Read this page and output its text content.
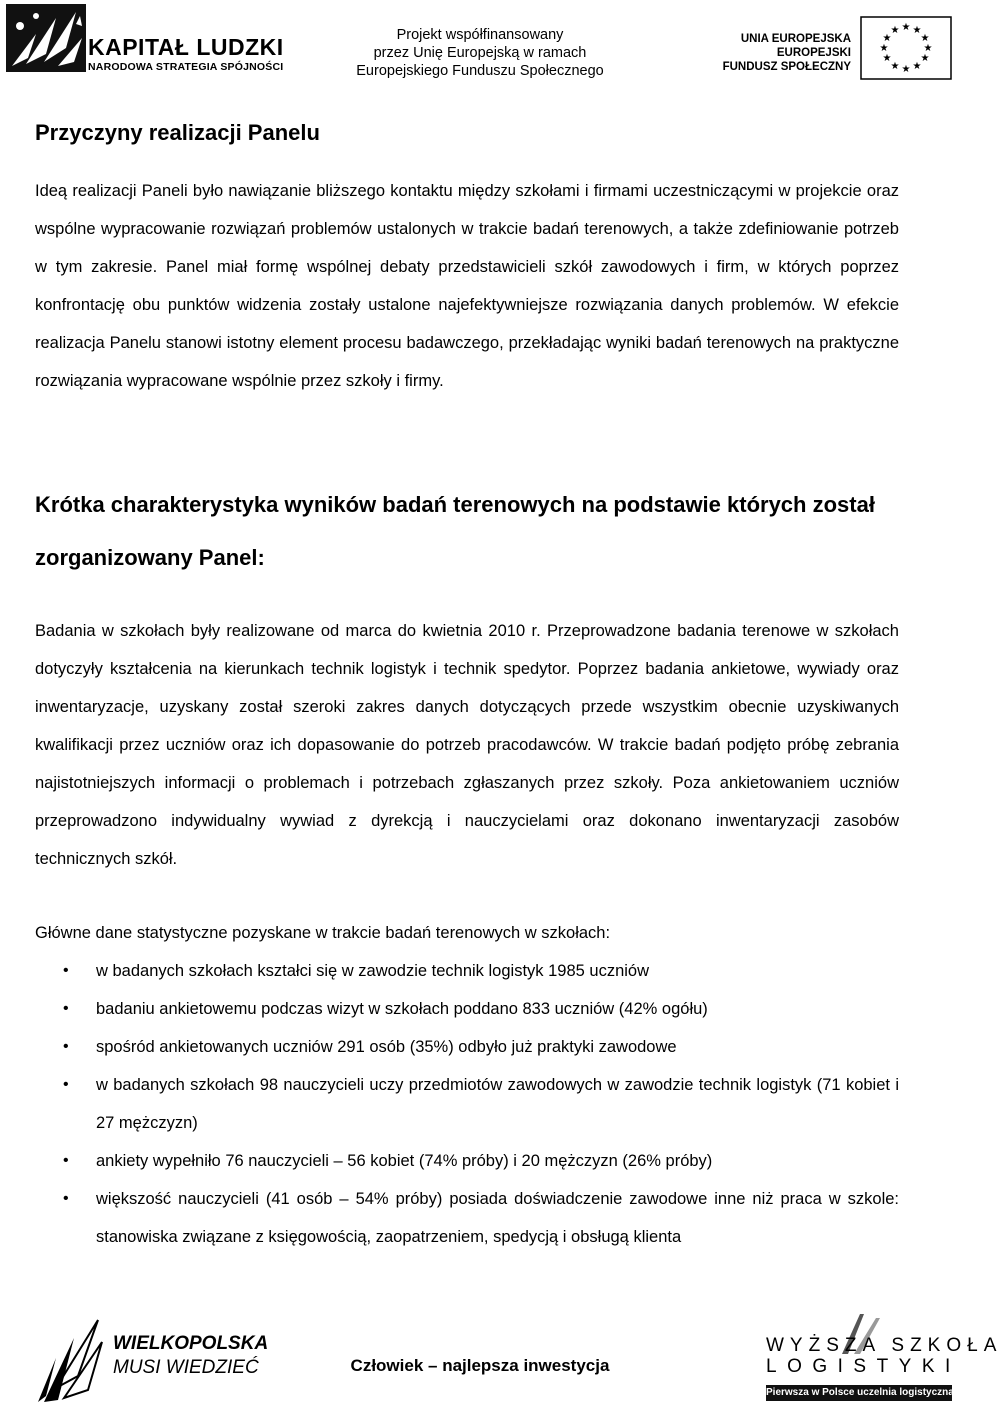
KAPITAŁ LUDZKI
NARODOWA STRATEGIA SPÓJNOŚCI
Projekt współfinansowany
przez Unię Europejską w ramach
Europejskiego Funduszu Społecznego
UNIA EUROPEJSKA
EUROPEJSKI
FUNDUSZ SPOŁECZNY
★ ★
★
★
★
★
★
★
★
★
★
★
Przyczyny realizacji Panelu

Ideą realizacji Paneli było nawiązanie bliższego kontaktu między szkołami i firmami uczestniczącymi w projekcie oraz wspólne wypracowanie rozwiązań problemów ustalonych w trakcie badań terenowych, a także zdefiniowanie potrzeb w tym zakresie. Panel miał formę wspólnej debaty przedstawicieli szkół zawodowych i firm, w których poprzez konfrontację obu punktów widzenia zostały ustalone najefektywniejsze rozwiązania danych problemów. W efekcie realizacja Panelu stanowi istotny element procesu badawczego, przekładając wyniki badań terenowych na praktyczne rozwiązania wypracowane wspólnie przez szkoły i firmy.

Krótka charakterystyka wyników badań terenowych na podstawie których został zorganizowany Panel:

Badania w szkołach były realizowane od marca do kwietnia 2010 r. Przeprowadzone badania terenowe w szkołach dotyczyły kształcenia na kierunkach technik logistyk i technik spedytor. Poprzez badania ankietowe, wywiady oraz inwentaryzacje, uzyskany został szeroki zakres danych dotyczących przede wszystkim obecnie uzyskiwanych kwalifikacji przez uczniów oraz ich dopasowanie do potrzeb pracodawców. W trakcie badań podjęto próbę zebrania najistotniejszych informacji o problemach i potrzebach zgłaszanych przez szkoły. Poza ankietowaniem uczniów przeprowadzono indywidualny wywiad z dyrekcją i nauczycielami oraz dokonano inwentaryzacji zasobów technicznych szkół.

Główne dane statystyczne pozyskane w trakcie badań terenowych w szkołach:
• w badanych szkołach kształci się w zawodzie technik logistyk 1985 uczniów
• badaniu ankietowemu podczas wizyt w szkołach poddano 833 uczniów (42% ogółu)
• spośród ankietowanych uczniów 291 osób (35%) odbyło już praktyki zawodowe
• w badanych szkołach 98 nauczycieli uczy przedmiotów zawodowych w zawodzie technik logistyk (71 kobiet i 27 mężczyzn)
• ankiety wypełniło 76 nauczycieli – 56 kobiet (74% próby) i 20 mężczyzn (26% próby)
• większość nauczycieli (41 osób – 54% próby) posiada doświadczenie zawodowe inne niż praca w szkole: stanowiska związane z księgowością, zaopatrzeniem, spedycją i obsługą klienta
WIELKOPOLSKA
MUSI WIEDZIEĆ	Człowiek – najlepsza inwestycja
WYŻSZA SZKOŁA
LOGISTYKI
Pierwsza w Polsce uczelnia logistyczna
